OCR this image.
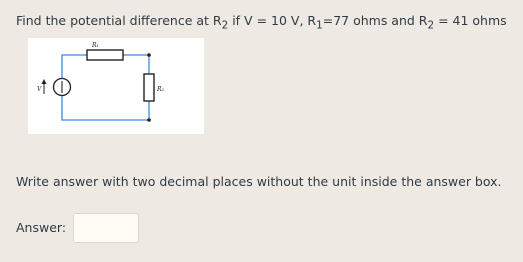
Find the potential difference at $R_2$ if V = 10 V, $R_1=77$ ohms and $R_2 = 41$ ohms
R₁
R₂
V
Write answer with two decimal places without the unit inside the answer box.
Answer:
